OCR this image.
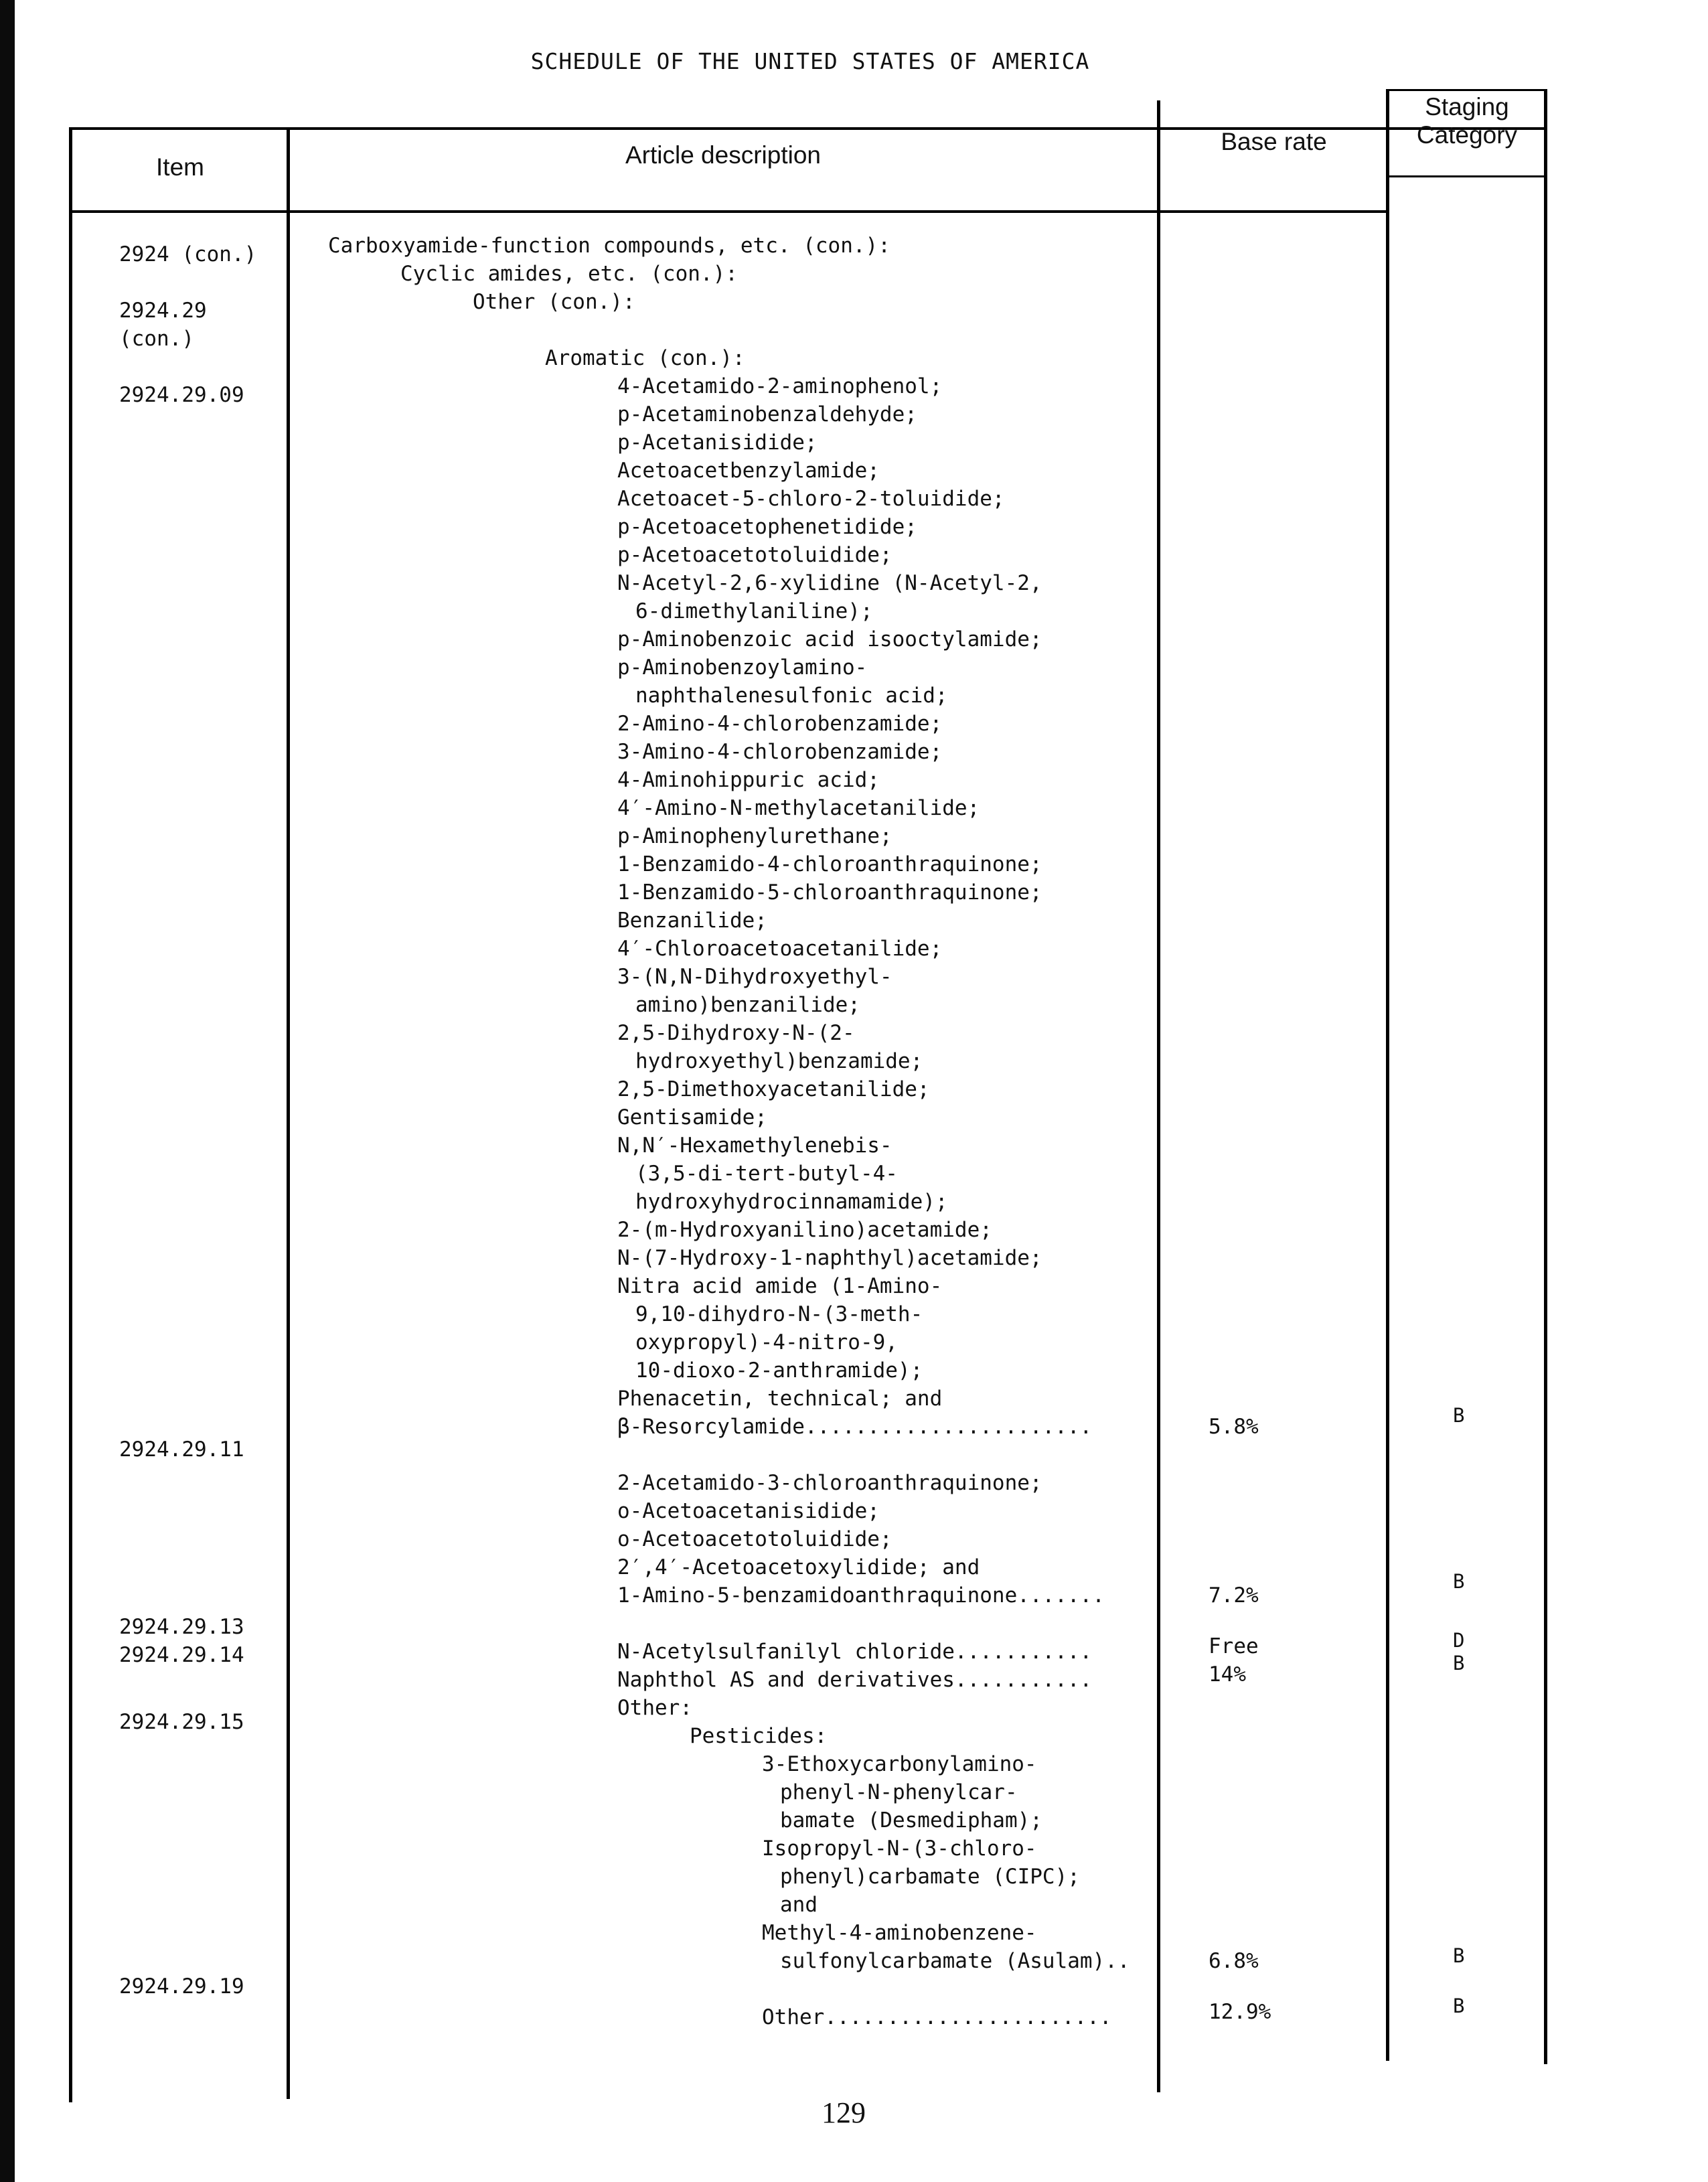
SCHEDULE OF THE UNITED STATES OF AMERICA
Item	Article description	Base rate
Staging
Category
2924 (con.)
2924.29
(con.)
2924.29.09
2924.29.11
2924.29.13
2924.29.14
2924.29.15
2924.29.19
Carboxyamide-function compounds, etc. (con.):
Cyclic amides, etc. (con.):
Other (con.):
Aromatic (con.):
4-Acetamido-2-aminophenol;
p-Acetaminobenzaldehyde;
p-Acetanisidide;
Acetoacetbenzylamide;
Acetoacet-5-chloro-2-toluidide;
p-Acetoacetophenetidide;
p-Acetoacetotoluidide;
N-Acetyl-2,6-xylidine (N-Acetyl-2,
6-dimethylaniline);
p-Aminobenzoic acid isooctylamide;
p-Aminobenzoylamino-
naphthalenesulfonic acid;
2-Amino-4-chlorobenzamide;
3-Amino-4-chlorobenzamide;
4-Aminohippuric acid;
4′-Amino-N-methylacetanilide;
p-Aminophenylurethane;
1-Benzamido-4-chloroanthraquinone;
1-Benzamido-5-chloroanthraquinone;
Benzanilide;
4′-Chloroacetoacetanilide;
3-(N,N-Dihydroxyethyl-
amino)benzanilide;
2,5-Dihydroxy-N-(2-
hydroxyethyl)benzamide;
2,5-Dimethoxyacetanilide;
Gentisamide;
N,N′-Hexamethylenebis-
(3,5-di-tert-butyl-4-
hydroxyhydrocinnamamide);
2-(m-Hydroxyanilino)acetamide;
N-(7-Hydroxy-1-naphthyl)acetamide;
Nitra acid amide (1-Amino-
9,10-dihydro-N-(3-meth-
oxypropyl)-4-nitro-9,
10-dioxo-2-anthramide);
Phenacetin, technical; and
β-Resorcylamide.......................
2-Acetamido-3-chloroanthraquinone;
o-Acetoacetanisidide;
o-Acetoacetotoluidide;
2′,4′-Acetoacetoxylidide; and
1-Amino-5-benzamidoanthraquinone.......
N-Acetylsulfanilyl chloride...........
Naphthol AS and derivatives...........
Other:
Pesticides:
3-Ethoxycarbonylamino-
phenyl-N-phenylcar-
bamate (Desmedipham);
Isopropyl-N-(3-chloro-
phenyl)carbamate (CIPC);
and
Methyl-4-aminobenzene-
sulfonylcarbamate (Asulam)..
Other.......................
5.8%
7.2%
Free
14%
6.8%
12.9%
B
B
D
B
B
B
129
